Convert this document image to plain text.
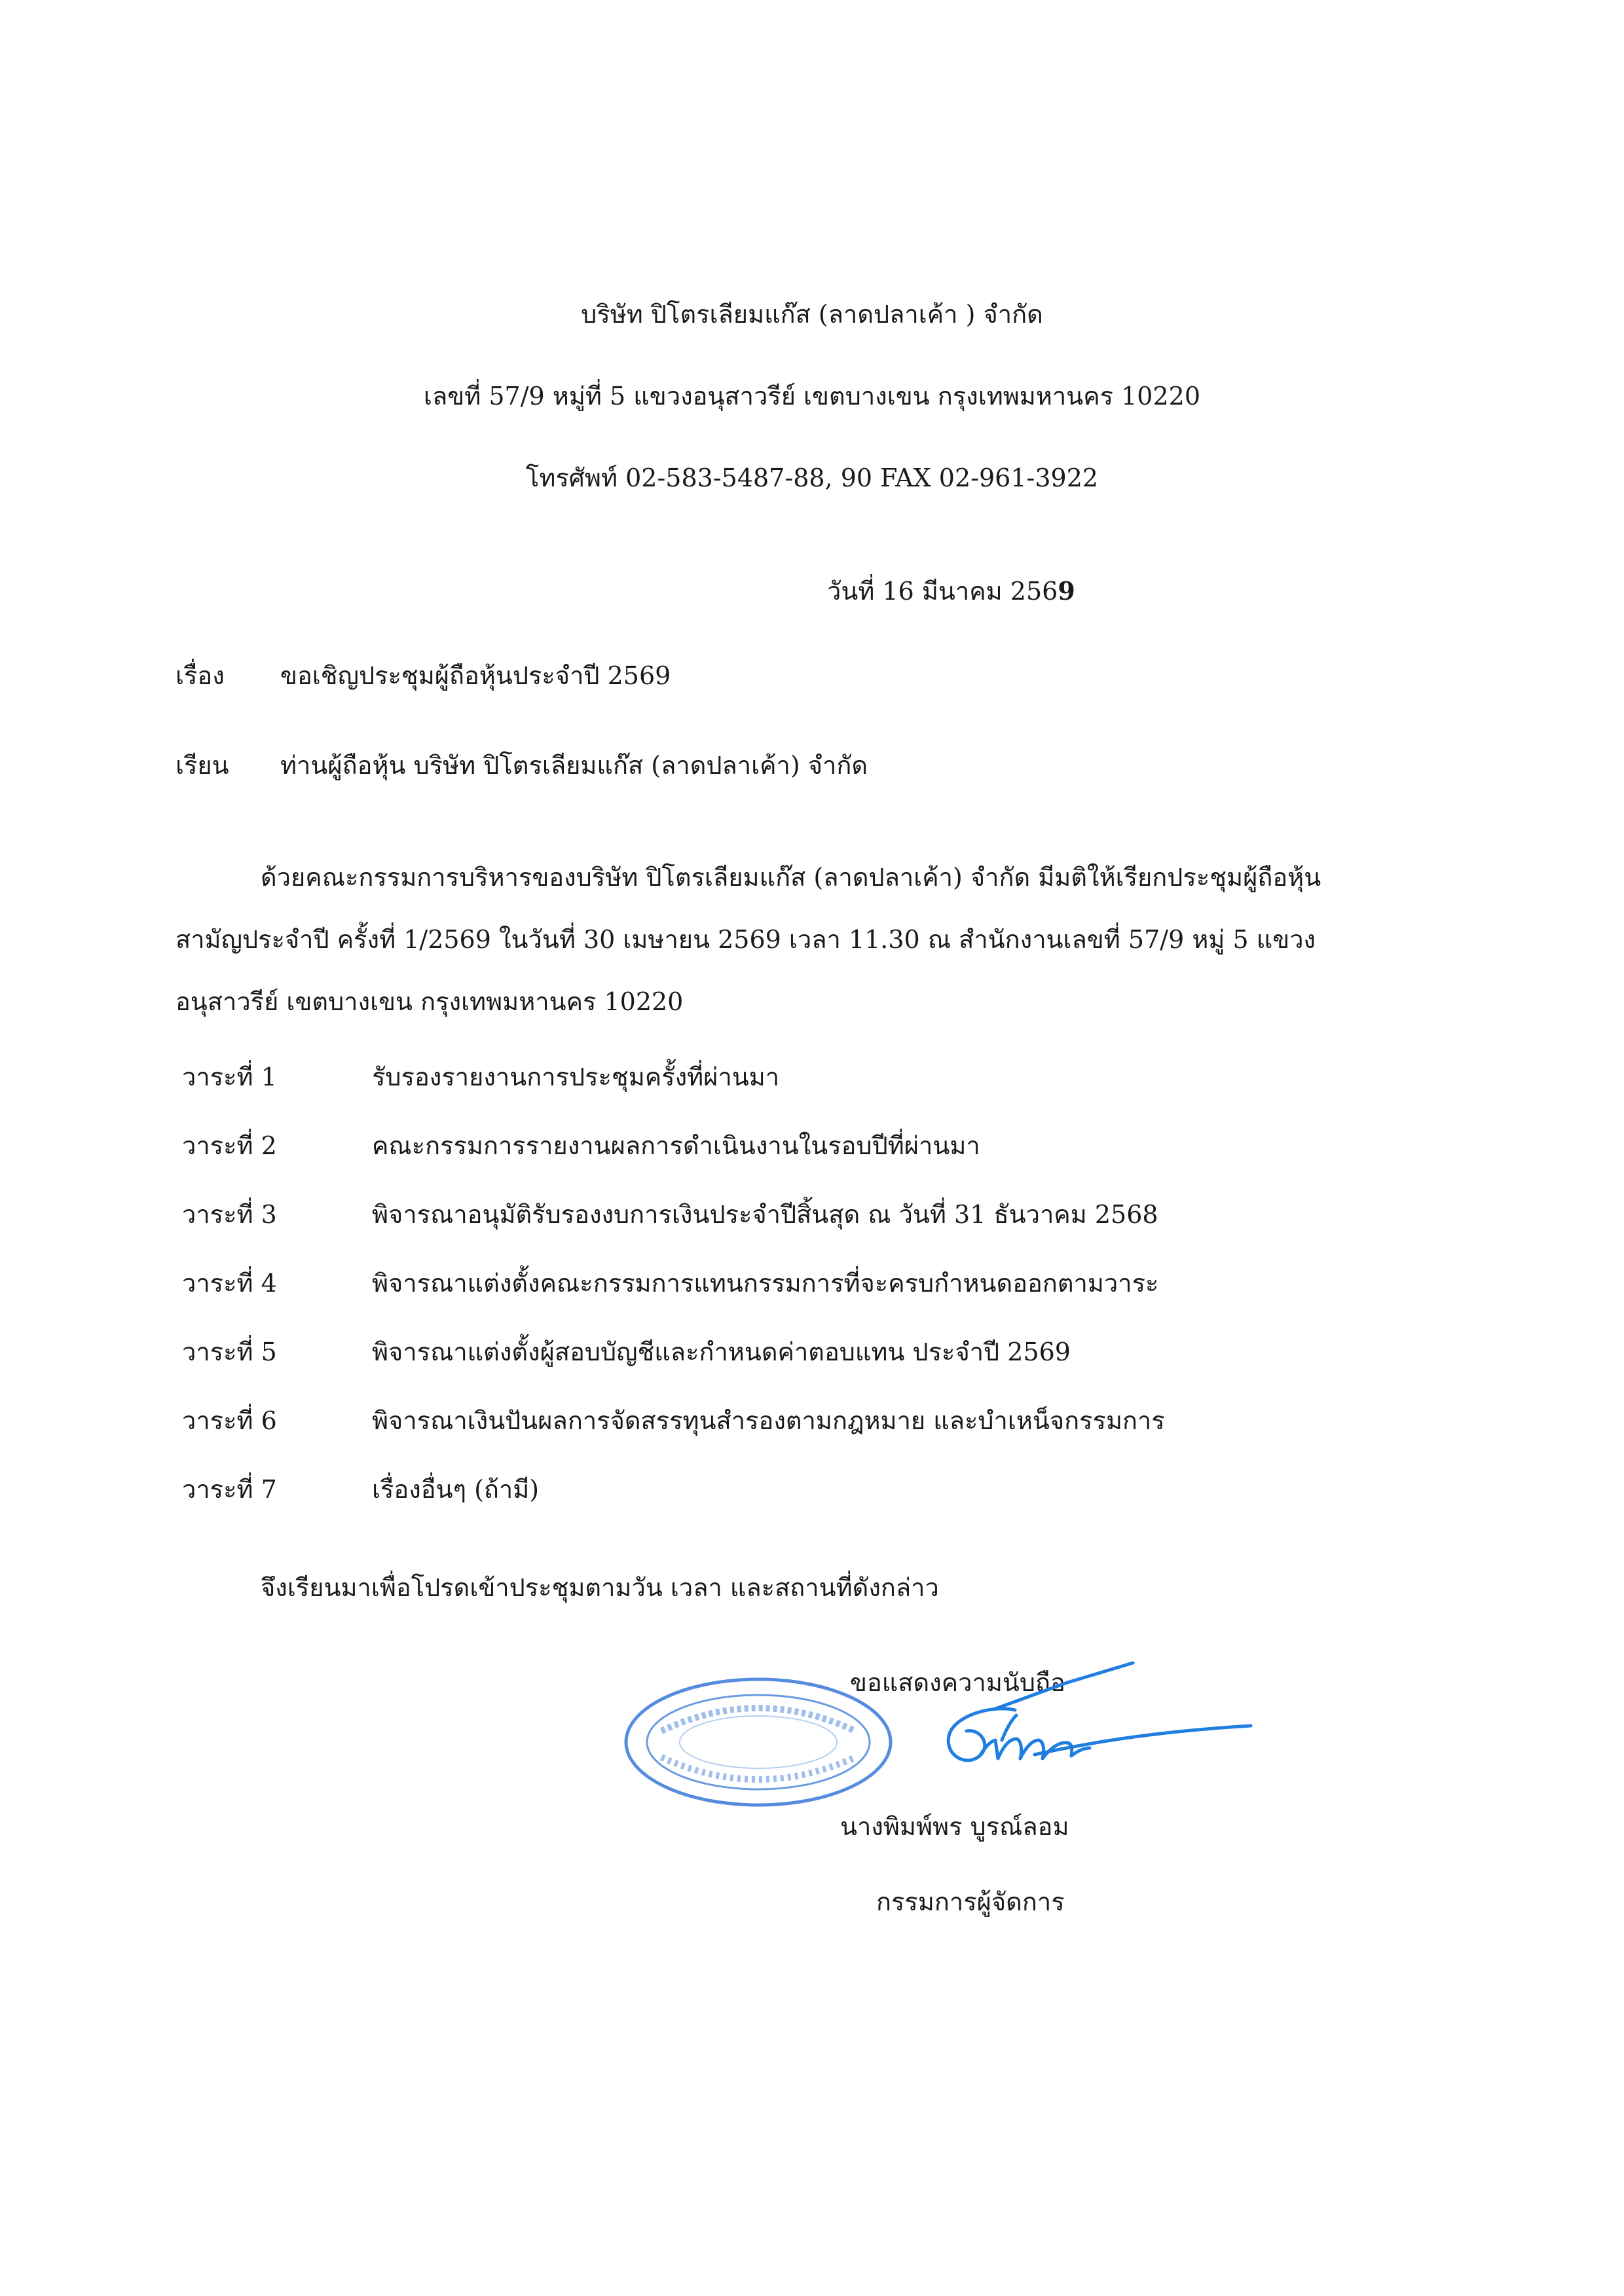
บริษัท ปิโตรเลียมแก๊ส (ลาดปลาเค้า ) จำกัด
เลขที่ 57/9 หมู่ที่ 5 แขวงอนุสาวรีย์ เขตบางเขน กรุงเทพมหานคร 10220
โทรศัพท์ 02-583-5487-88, 90 FAX 02-961-3922
วันที่ 16 มีนาคม 2569
เรื่อง ขอเชิญประชุมผู้ถือหุ้นประจำปี 2569
เรียน ท่านผู้ถือหุ้น บริษัท ปิโตรเลียมแก๊ส (ลาดปลาเค้า) จำกัด
ด้วยคณะกรรมการบริหารของบริษัท ปิโตรเลียมแก๊ส (ลาดปลาเค้า) จำกัด มีมติให้เรียกประชุมผู้ถือหุ้น
สามัญประจำปี ครั้งที่ 1/2569 ในวันที่ 30 เมษายน 2569 เวลา 11.30 ณ สำนักงานเลขที่ 57/9 หมู่ 5 แขวง
อนุสาวรีย์ เขตบางเขน กรุงเทพมหานคร 10220
วาระที่ 1	รับรองรายงานการประชุมครั้งที่ผ่านมา
วาระที่ 2	คณะกรรมการรายงานผลการดำเนินงานในรอบปีที่ผ่านมา
วาระที่ 3	พิจารณาอนุมัติรับรองงบการเงินประจำปีสิ้นสุด ณ วันที่ 31 ธันวาคม 2568
วาระที่ 4	พิจารณาแต่งตั้งคณะกรรมการแทนกรรมการที่จะครบกำหนดออกตามวาระ
วาระที่ 5	พิจารณาแต่งตั้งผู้สอบบัญชีและกำหนดค่าตอบแทน ประจำปี 2569
วาระที่ 6	พิจารณาเงินปันผลการจัดสรรทุนสำรองตามกฎหมาย และบำเหน็จกรรมการ
วาระที่ 7	เรื่องอื่นๆ (ถ้ามี)
จึงเรียนมาเพื่อโปรดเข้าประชุมตามวัน เวลา และสถานที่ดังกล่าว
ขอแสดงความนับถือ
นางพิมพ์พร บูรณ์ลอม
กรรมการผู้จัดการ
